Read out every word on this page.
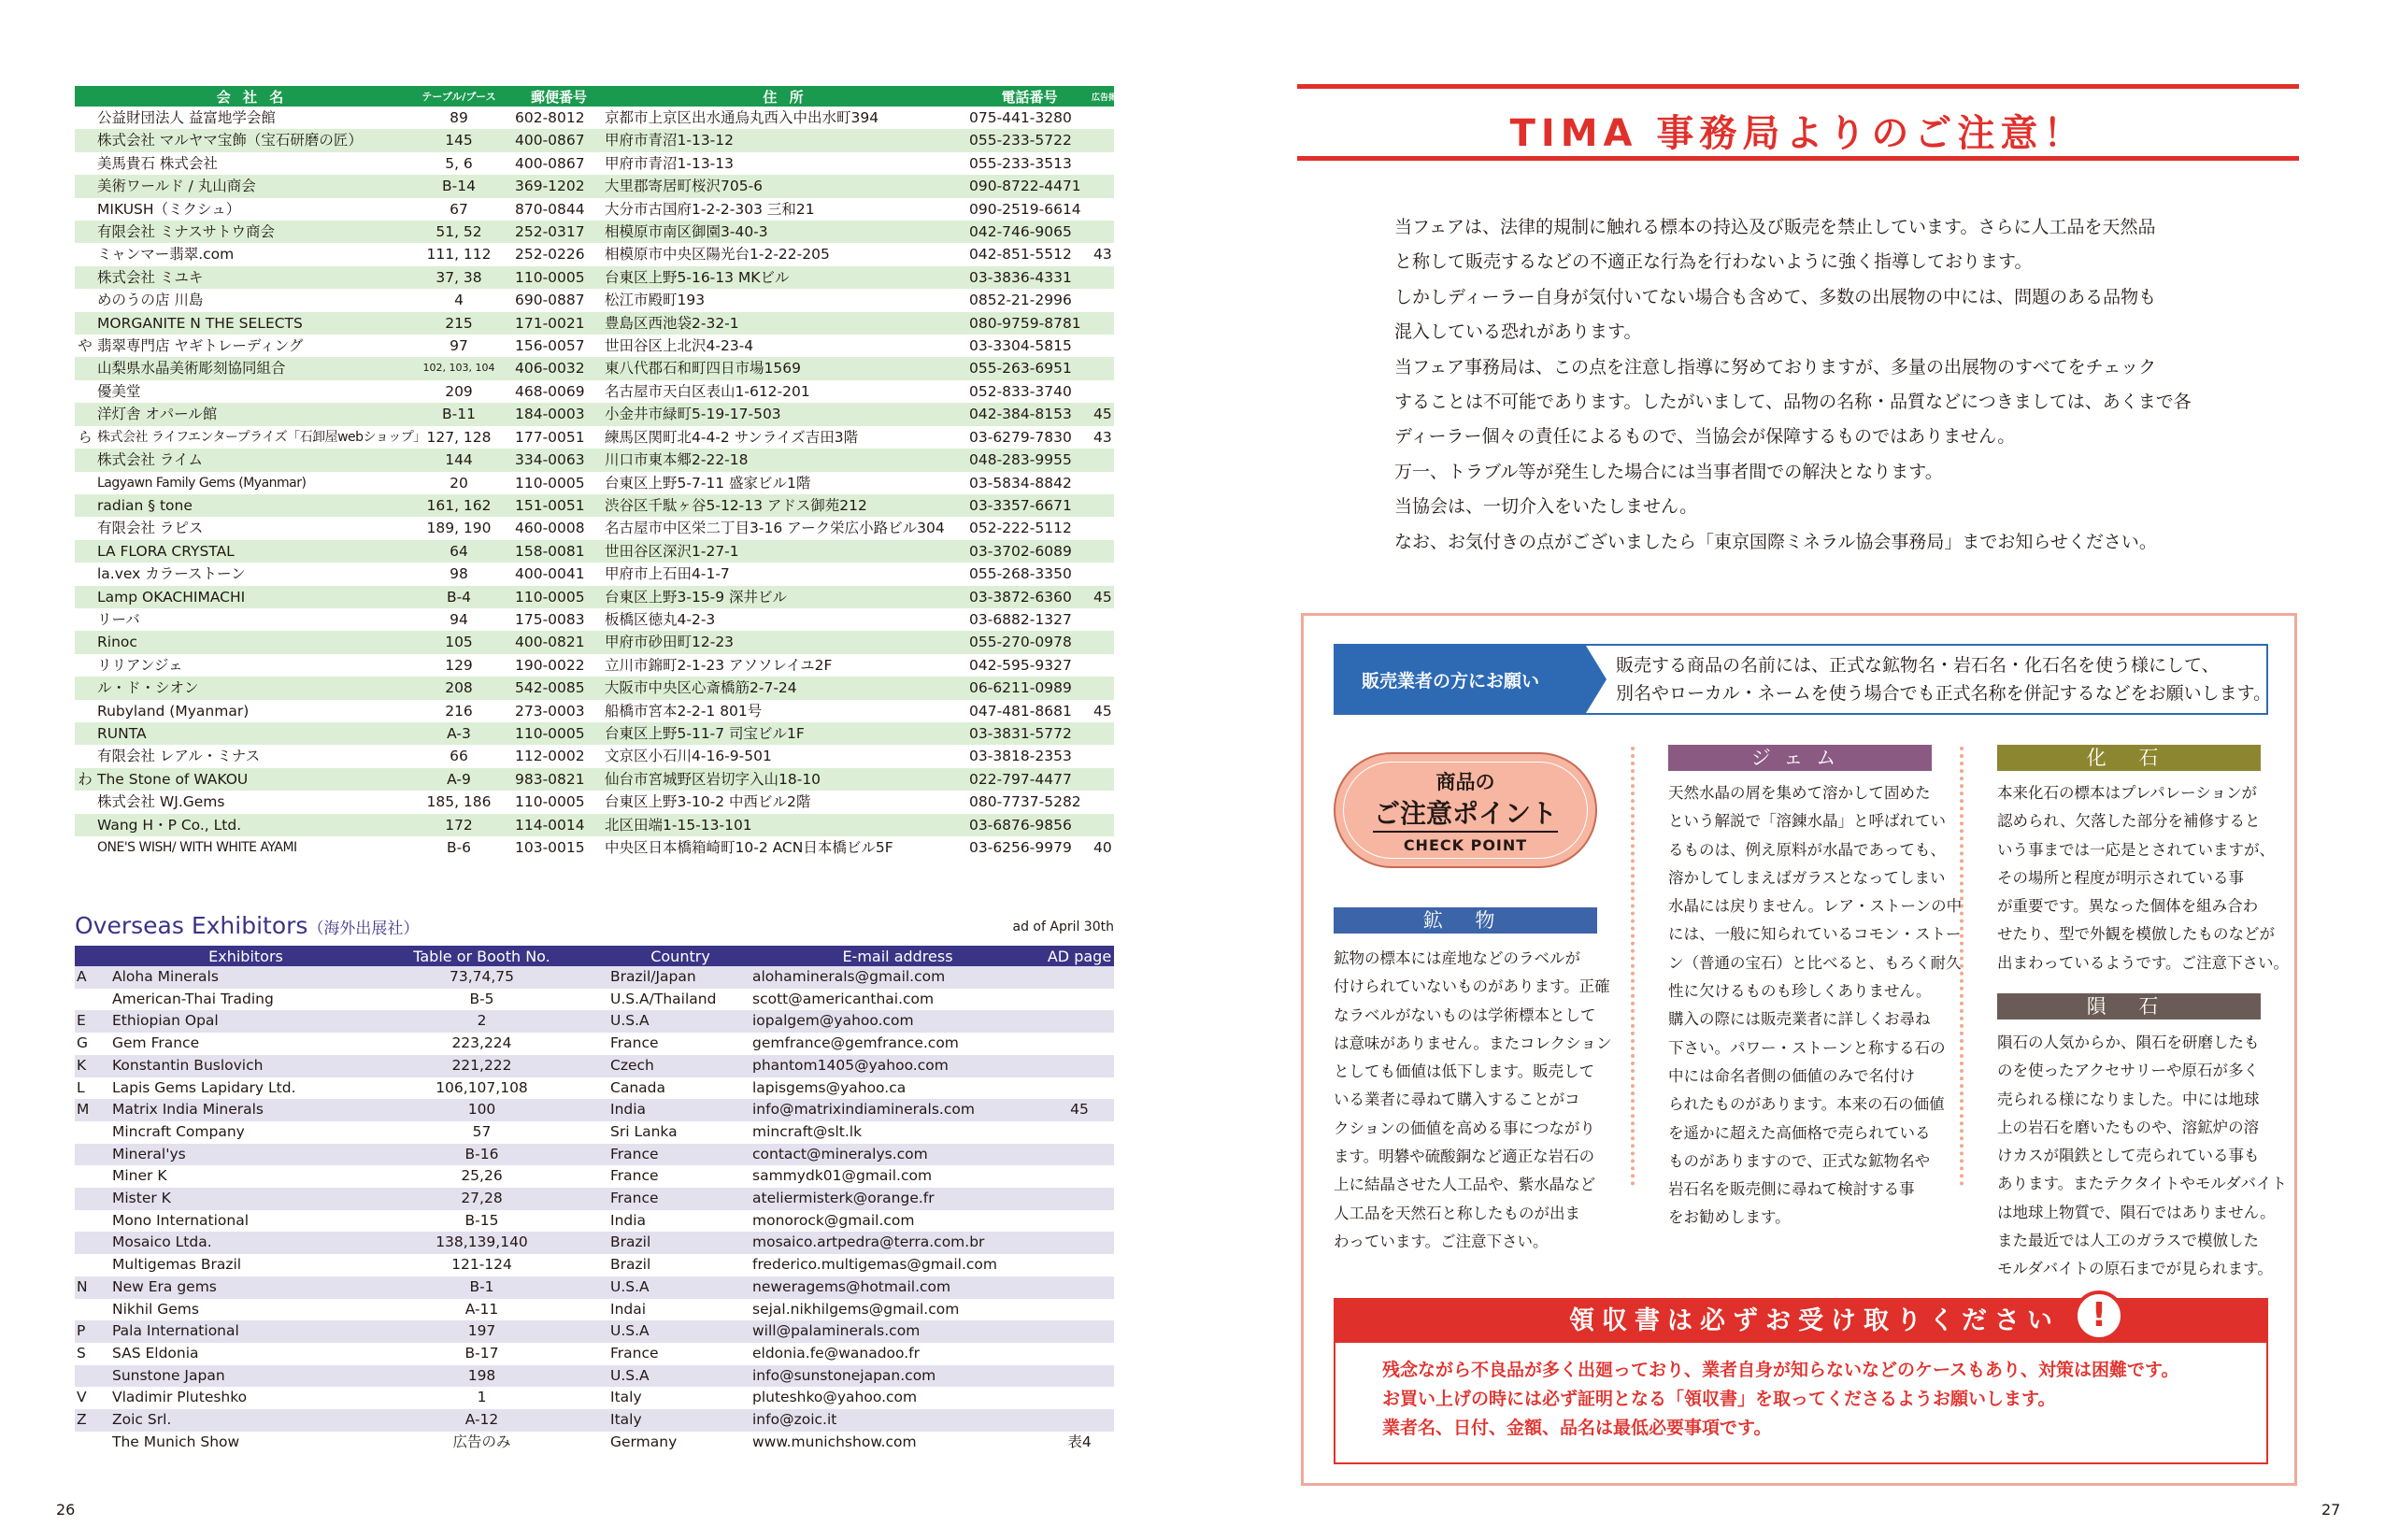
	会 社 名	テーブル/ブース	郵便番号	住 所	電話番号	広告掲載頁
	公益財団法人 益富地学会館	89	602-8012	京都市上京区出水通烏丸西入中出水町394	075-441-3280	
	株式会社 マルヤマ宝飾（宝石研磨の匠）	145	400-0867	甲府市青沼1-13-12	055-233-5722	
	美馬貴石 株式会社	5, 6	400-0867	甲府市青沼1-13-13	055-233-3513	
	美術ワールド / 丸山商会	B-14	369-1202	大里郡寄居町桜沢705-6	090-8722-4471	
	MIKUSH（ミクシュ）	67	870-0844	大分市古国府1-2-2-303 三和21	090-2519-6614	
	有限会社 ミナスサトウ商会	51, 52	252-0317	相模原市南区御園3-40-3	042-746-9065	
	ミャンマー翡翠.com	111, 112	252-0226	相模原市中央区陽光台1-2-22-205	042-851-5512	43
	株式会社 ミユキ	37, 38	110-0005	台東区上野5-16-13 MKビル	03-3836-4331	
	めのうの店 川島	4	690-0887	松江市殿町193	0852-21-2996	
	MORGANITE N THE SELECTS	215	171-0021	豊島区西池袋2-32-1	080-9759-8781	
や	翡翠専門店 ヤギトレーディング	97	156-0057	世田谷区上北沢4-23-4	03-3304-5815	
	山梨県水晶美術彫刻協同組合	102, 103, 104	406-0032	東八代郡石和町四日市場1569	055-263-6951	
	優美堂	209	468-0069	名古屋市天白区表山1-612-201	052-833-3740	
	洋灯舎 オパール館	B-11	184-0003	小金井市緑町5-19-17-503	042-384-8153	45
ら	株式会社 ライフエンタープライズ「石卸屋webショップ」	127, 128	177-0051	練馬区関町北4-4-2 サンライズ吉田3階	03-6279-7830	43
	株式会社 ライム	144	334-0063	川口市東本郷2-22-18	048-283-9955	
	Lagyawn Family Gems (Myanmar)	20	110-0005	台東区上野5-7-11 盛家ビル1階	03-5834-8842	
	radian § tone	161, 162	151-0051	渋谷区千駄ヶ谷5-12-13 アドス御苑212	03-3357-6671	
	有限会社 ラピス	189, 190	460-0008	名古屋市中区栄二丁目3-16 アーク栄広小路ビル304	052-222-5112	
	LA FLORA CRYSTAL	64	158-0081	世田谷区深沢1-27-1	03-3702-6089	
	la.vex カラーストーン	98	400-0041	甲府市上石田4-1-7	055-268-3350	
	Lamp OKACHIMACHI	B-4	110-0005	台東区上野3-15-9 深井ビル	03-3872-6360	45
	リーバ	94	175-0083	板橋区徳丸4-2-3	03-6882-1327	
	Rinoc	105	400-0821	甲府市砂田町12-23	055-270-0978	
	リリアンジェ	129	190-0022	立川市錦町2-1-23 アソソレイユ2F	042-595-9327	
	ル・ド・シオン	208	542-0085	大阪市中央区心斎橋筋2-7-24	06-6211-0989	
	Rubyland (Myanmar)	216	273-0003	船橋市宮本2-2-1 801号	047-481-8681	45
	RUNTA	A-3	110-0005	台東区上野5-11-7 司宝ビル1F	03-3831-5772	
	有限会社 レアル・ミナス	66	112-0002	文京区小石川4-16-9-501	03-3818-2353	
わ	The Stone of WAKOU	A-9	983-0821	仙台市宮城野区岩切字入山18-10	022-797-4477	
	株式会社 WJ.Gems	185, 186	110-0005	台東区上野3-10-2 中西ビル2階	080-7737-5282	
	Wang H・P Co., Ltd.	172	114-0014	北区田端1-15-13-101	03-6876-9856	
	ONE'S WISH/ WITH WHITE AYAMI	B-6	103-0015	中央区日本橋箱崎町10-2 ACN日本橋ビル5F	03-6256-9979	40
Overseas Exhibitors（海外出展社）	ad of April 30th
	Exhibitors	Table or Booth No.	Country	E-mail address	AD page
A	Aloha Minerals	73,74,75	Brazil/Japan	alohaminerals@gmail.com	
	American-Thai Trading	B-5	U.S.A/Thailand	scott@americanthai.com	
E	Ethiopian Opal	2	U.S.A	iopalgem@yahoo.com	
G	Gem France	223,224	France	gemfrance@gemfrance.com	
K	Konstantin Buslovich	221,222	Czech	phantom1405@yahoo.com	
L	Lapis Gems Lapidary Ltd.	106,107,108	Canada	lapisgems@yahoo.ca	
M	Matrix India Minerals	100	India	info@matrixindiaminerals.com	45
	Mincraft Company	57	Sri Lanka	mincraft@slt.lk	
	Mineral'ys	B-16	France	contact@mineralys.com	
	Miner K	25,26	France	sammydk01@gmail.com	
	Mister K	27,28	France	ateliermisterk@orange.fr	
	Mono International	B-15	India	monorock@gmail.com	
	Mosaico Ltda.	138,139,140	Brazil	mosaico.artpedra@terra.com.br	
	Multigemas Brazil	121-124	Brazil	frederico.multigemas@gmail.com	
N	New Era gems	B-1	U.S.A	neweragems@hotmail.com	
	Nikhil Gems	A-11	Indai	sejal.nikhilgems@gmail.com	
P	Pala International	197	U.S.A	will@palaminerals.com	
S	SAS Eldonia	B-17	France	eldonia.fe@wanadoo.fr	
	Sunstone Japan	198	U.S.A	info@sunstonejapan.com	
V	Vladimir Pluteshko	1	Italy	pluteshko@yahoo.com	
Z	Zoic Srl.	A-12	Italy	info@zoic.it	
	The Munich Show	広告のみ	Germany	www.munichshow.com	表4
26
TIMA 事務局よりのご注意！

当フェアは、法律的規制に触れる標本の持込及び販売を禁止しています。さらに人工品を天然品

と称して販売するなどの不適正な行為を行わないように強く指導しております。

しかしディーラー自身が気付いてない場合も含めて、多数の出展物の中には、問題のある品物も

混入している恐れがあります。

当フェア事務局は、この点を注意し指導に努めておりますが、多量の出展物のすべてをチェック

することは不可能であります。したがいまして、品物の名称・品質などにつきましては、あくまで各

ディーラー個々の責任によるもので、当協会が保障するものではありません。

万一、トラブル等が発生した場合には当事者間での解決となります。

当協会は、一切介入をいたしません。

なお、お気付きの点がございましたら「東京国際ミネラル協会事務局」までお知らせください。

販売業者の方にお願い
販売する商品の名前には、正式な鉱物名・岩石名・化石名を使う様にして、
別名やローカル・ネームを使う場合でも正式名称を併記するなどをお願いします。
商品の
ご注意ポイント
CHECK POINT
鉱 物
鉱物の標本には産地などのラベルが
付けられていないものがあります。正確
なラベルがないものは学術標本として
は意味がありません。またコレクション
としても価値は低下します。販売して
いる業者に尋ねて購入することがコ
クションの価値を高める事につながり
ます。明礬や硫酸銅など適正な岩石の
上に結晶させた人工品や、紫水晶など
人工品を天然石と称したものが出ま
わっています。ご注意下さい。
ジェム
天然水晶の屑を集めて溶かして固めた
という解説で「溶錬水晶」と呼ばれてい
るものは、例え原料が水晶であっても、
溶かしてしまえばガラスとなってしまい
水晶には戻りません。レア・ストーンの中
には、一般に知られているコモン・ストー
ン（普通の宝石）と比べると、もろく耐久
性に欠けるものも珍しくありません。
購入の際には販売業者に詳しくお尋ね
下さい。パワー・ストーンと称する石の
中には命名者側の価値のみで名付け
られたものがあります。本来の石の価値
を遥かに超えた高価格で売られている
ものがありますので、正式な鉱物名や
岩石名を販売側に尋ねて検討する事
をお勧めします。
化 石
本来化石の標本はプレパレーションが
認められ、欠落した部分を補修すると
いう事までは一応是とされていますが、
その場所と程度が明示されている事
が重要です。異なった個体を組み合わ
せたり、型で外観を模倣したものなどが
出まわっているようです。ご注意下さい。
隕 石
隕石の人気からか、隕石を研磨したも
のを使ったアクセサリーや原石が多く
売られる様になりました。中には地球
上の岩石を磨いたものや、溶鉱炉の溶
けカスが隕鉄として売られている事も
あります。またテクタイトやモルダバイト
は地球上物質で、隕石ではありません。
また最近では人工のガラスで模倣した
モルダバイトの原石までが見られます。
領収書は必ずお受け取りください !
残念ながら不良品が多く出廻っており、業者自身が知らないなどのケースもあり、対策は困難です。
お買い上げの時には必ず証明となる「領収書」を取ってくださるようお願いします。
業者名、日付、金額、品名は最低必要事項です。
27
